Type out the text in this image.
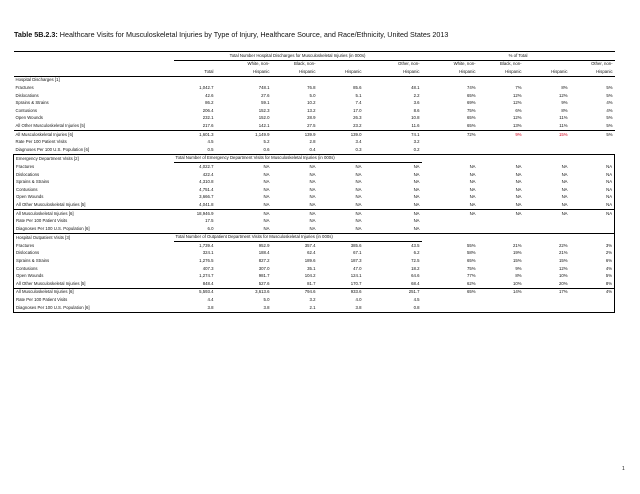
Table 5B.2.3: Healthcare Visits for Musculoskeletal Injuries by Type of Injury, Healthcare Source, and Race/Ethnicity, United States 2013
	Total Number Hospital Discharges for Musculoskeletal Injuries (in 000s)					% of Total			
		White, non-	Black, non-		Other, non-	White, non-	Black, non-		Other, non-
	Total	Hispanic	Hispanic	Hispanic	Hispanic	Hispanic	Hispanic	Hispanic	Hispanic
Hospital Discharges [1]									
Fractures	1,042.7	748.1	76.8	85.6	48.1	74%	7%	8%	5%
Dislocations	42.6	27.6	5.0	5.1	2.2	65%	12%	12%	5%
Sprains & Strains	86.2	59.1	10.2	7.4	3.6	69%	12%	9%	4%
Contusions	206.4	152.3	13.2	17.0	8.6	75%	6%	8%	4%
Open Wounds	232.1	152.0	28.9	26.3	10.8	65%	12%	11%	5%
All Other Musculoskeletal Injuries [5]	217.6	142.1	27.5	23.2	11.6	65%	13%	11%	5%
All Musculoskeletal Injuries [6]	1,601.3	1,149.9	139.9	139.0	74.1	72%	9%	15%	5%
Rate Per 100 Patient Visits	4.5	5.2	2.8	3.4	3.2				
Diagnoses Per 100 U.S. Population [6]	0.5	0.6	0.4	0.3	0.2				
Emergency Department Visits [2]	Total Number of Emergency Department Visits for Musculoskeletal Injuries (in 000s)								
Fractures	4,022.7	NA	NA	NA	NA	NA	NA	NA	NA
Dislocations	422.4	NA	NA	NA	NA	NA	NA	NA	NA
Sprains & Strains	4,310.8	NA	NA	NA	NA	NA	NA	NA	NA
Contusions	4,751.4	NA	NA	NA	NA	NA	NA	NA	NA
Open Wounds	3,666.7	NA	NA	NA	NA	NA	NA	NA	NA
All Other Musculoskeletal Injuries [5]	4,041.8	NA	NA	NA	NA	NA	NA	NA	NA
All Musculoskeletal Injuries [6]	18,946.9	NA	NA	NA	NA	NA	NA	NA	NA
Rate Per 100 Patient Visits	17.5	NA	NA	NA	NA				
Diagnoses Per 100 U.S. Population [6]	6.0	NA	NA	NA	NA				
Hospital Outpatient Visits [3]	Total Number of Outpatient Department Visits for Musculoskeletal Injuries (in 000s)								
Fractures	1,739.4	952.9	357.4	385.6	43.5	55%	21%	22%	3%
Dislocations	324.1	188.4	62.4	67.1	6.2	58%	19%	21%	2%
Sprains & Strains	1,276.5	827.2	189.6	187.3	72.5	65%	15%	15%	6%
Contusions	407.3	307.0	35.1	47.0	18.2	75%	9%	12%	4%
Open Wounds	1,274.7	981.7	104.2	124.1	64.6	77%	8%	10%	5%
All Other Musculoskeletal Injuries [5]	848.4	527.6	81.7	170.7	68.4	62%	10%	20%	8%
All Musculoskeletal Injuries [6]	5,593.4	3,613.6	794.6	933.6	251.7	65%	14%	17%	4%
Rate Per 100 Patient Visits	4.4	5.0	3.2	4.0	4.5				
Diagnoses Per 100 U.S. Population [6]	3.8	3.8	2.1	3.8	0.8				
1
